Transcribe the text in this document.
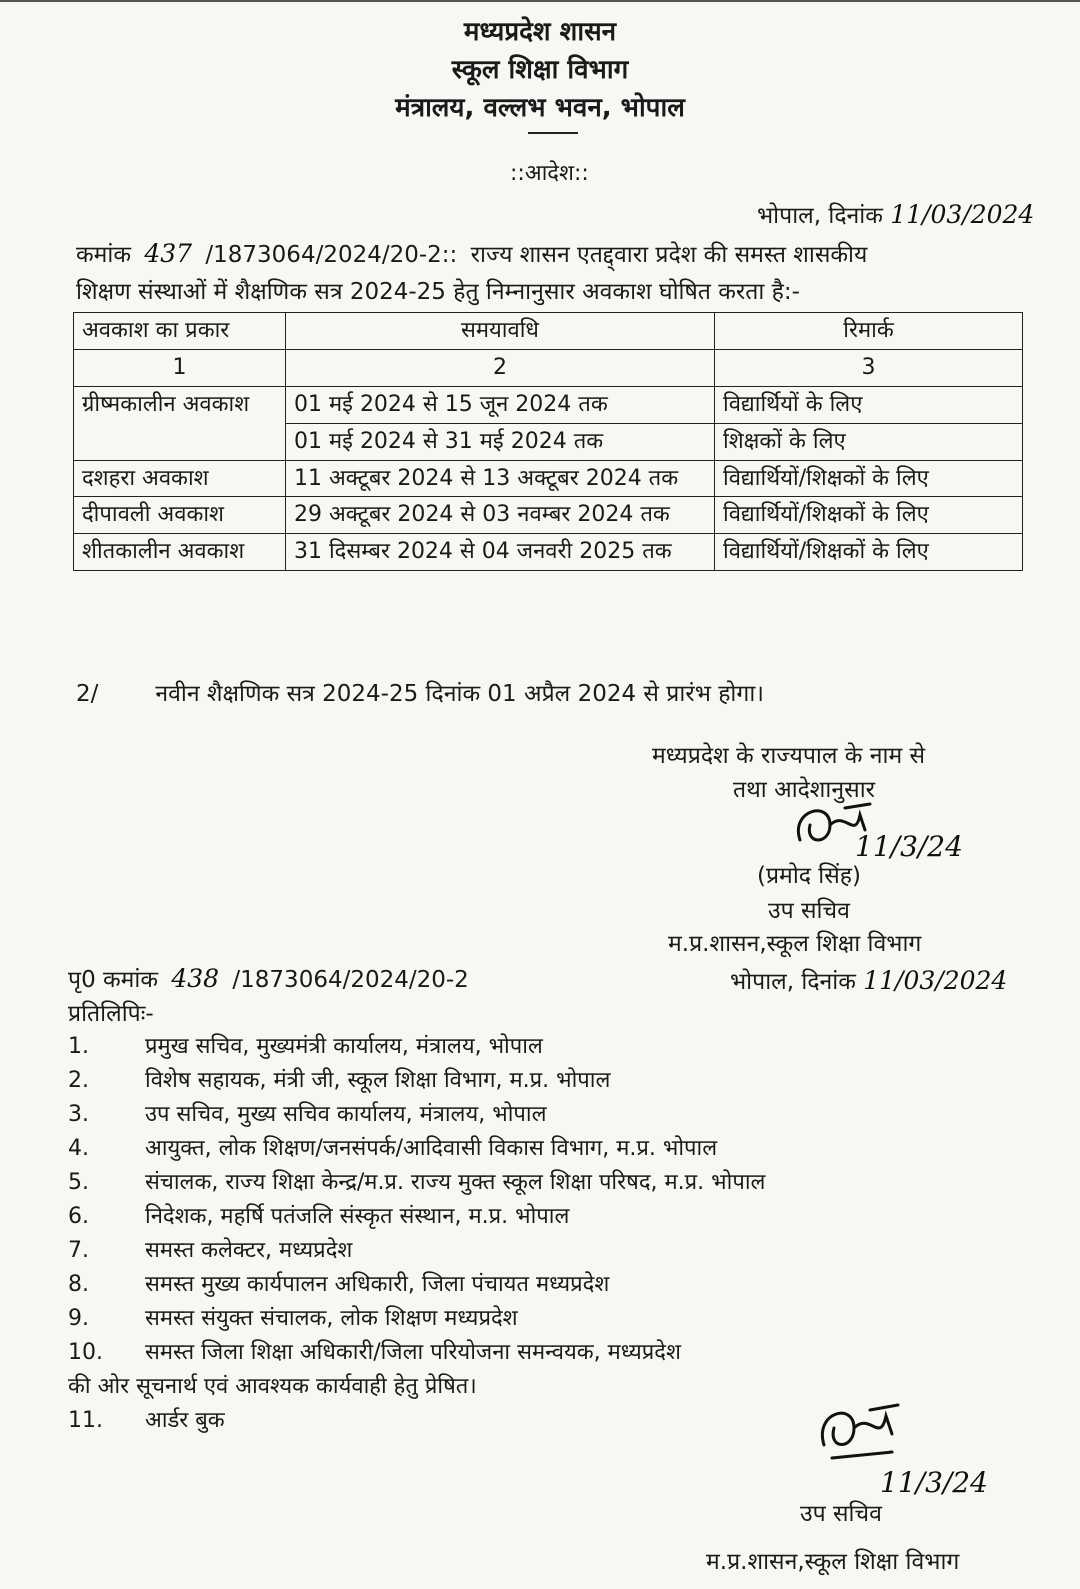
मध्यप्रदेश शासन
स्कूल शिक्षा विभाग
मंत्रालय, वल्लभ भवन, भोपाल
::आदेश::
भोपाल, दिनांक 11/03/2024
कमांक 437 /1873064/2024/20-2:: राज्य शासन एतद्द्वारा प्रदेश की समस्त शासकीय
शिक्षण संस्थाओं में शैक्षणिक सत्र 2024-25 हेतु निम्नानुसार अवकाश घोषित करता है:-
अवकाश का प्रकार	समयावधि	रिमार्क
1	2	3
ग्रीष्मकालीन अवकाश	01 मई 2024 से 15 जून 2024 तक	विद्यार्थियों के लिए
	01 मई 2024 से 31 मई 2024 तक	शिक्षकों के लिए
दशहरा अवकाश	11 अक्टूबर 2024 से 13 अक्टूबर 2024 तक	विद्यार्थियों/शिक्षकों के लिए
दीपावली अवकाश	29 अक्टूबर 2024 से 03 नवम्बर 2024 तक	विद्यार्थियों/शिक्षकों के लिए
शीतकालीन अवकाश	31 दिसम्बर 2024 से 04 जनवरी 2025 तक	विद्यार्थियों/शिक्षकों के लिए
2/ नवीन शैक्षणिक सत्र 2024-25 दिनांक 01 अप्रैल 2024 से प्रारंभ होगा।
मध्यप्रदेश के राज्यपाल के नाम से
तथा आदेशानुसार
11/3/24
(प्रमोद सिंह)
उप सचिव
म.प्र.शासन,स्कूल शिक्षा विभाग
पृ0 कमांक 438 /1873064/2024/20-2	भोपाल, दिनांक 11/03/2024
प्रतिलिपिः-
1.	प्रमुख सचिव, मुख्यमंत्री कार्यालय, मंत्रालय, भोपाल
2.	विशेष सहायक, मंत्री जी, स्कूल शिक्षा विभाग, म.प्र. भोपाल
3.	उप सचिव, मुख्य सचिव कार्यालय, मंत्रालय, भोपाल
4.	आयुक्त, लोक शिक्षण/जनसंपर्क/आदिवासी विकास विभाग, म.प्र. भोपाल
5.	संचालक, राज्य शिक्षा केन्द्र/म.प्र. राज्य मुक्त स्कूल शिक्षा परिषद, म.प्र. भोपाल
6.	निदेशक, महर्षि पतंजलि संस्कृत संस्थान, म.प्र. भोपाल
7.	समस्त कलेक्टर, मध्यप्रदेश
8.	समस्त मुख्य कार्यपालन अधिकारी, जिला पंचायत मध्यप्रदेश
9.	समस्त संयुक्त संचालक, लोक शिक्षण मध्यप्रदेश
10. समस्त जिला शिक्षा अधिकारी/जिला परियोजना समन्वयक, मध्यप्रदेश
की ओर सूचनार्थ एवं आवश्यक कार्यवाही हेतु प्रेषित।
11. आर्डर बुक
11/3/24
उप सचिव
म.प्र.शासन,स्कूल शिक्षा विभाग
